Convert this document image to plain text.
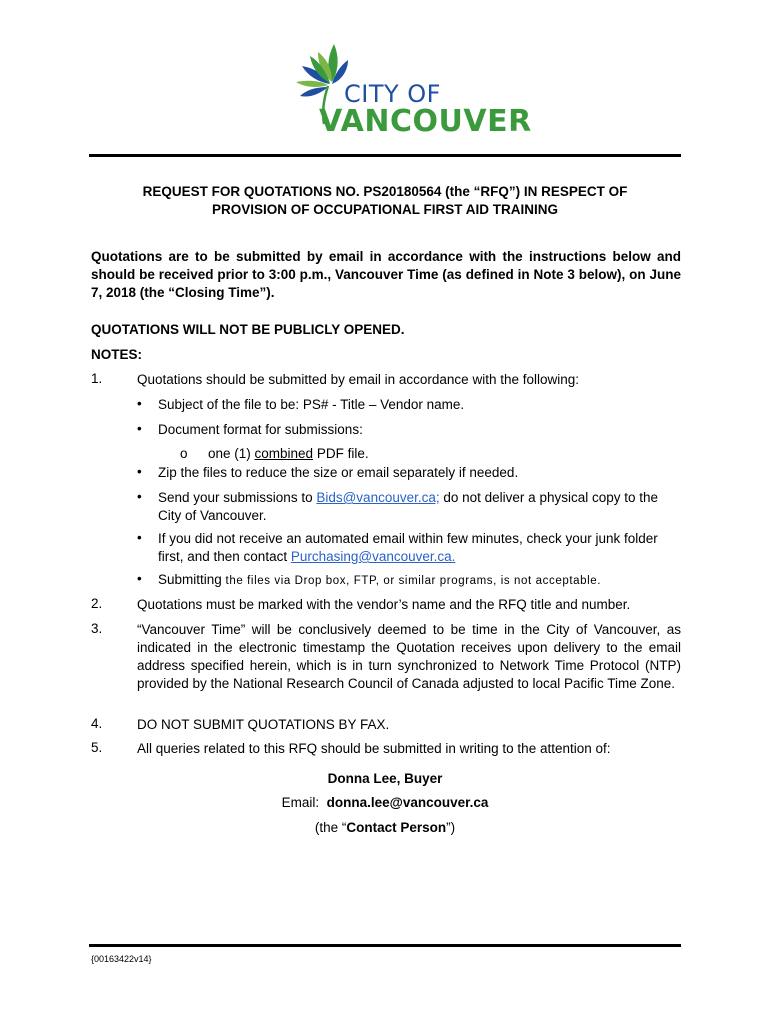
CITY OF
VANCOUVER
REQUEST FOR QUOTATIONS NO. PS20180564 (the “RFQ”) IN RESPECT OF
PROVISION OF OCCUPATIONAL FIRST AID TRAINING
Quotations are to be submitted by email in accordance with the instructions below and should be received prior to 3:00 p.m., Vancouver Time (as defined in Note 3 below), on June 7, 2018 (the “Closing Time”).
QUOTATIONS WILL NOT BE PUBLICLY OPENED.
NOTES:
1.	Quotations should be submitted by email in accordance with the following:
• Subject of the file to be: PS# - Title – Vendor name.
• Document format for submissions:
o one (1) combined PDF file.
• Zip the files to reduce the size or email separately if needed.
• Send your submissions to Bids@vancouver.ca; do not deliver a physical copy to the City of Vancouver.
• If you did not receive an automated email within few minutes, check your junk folder first, and then contact Purchasing@vancouver.ca.
• Submitting the files via Drop box, FTP, or similar programs, is not acceptable.
2.	Quotations must be marked with the vendor’s name and the RFQ title and number.
3.	“Vancouver Time” will be conclusively deemed to be time in the City of Vancouver, as indicated in the electronic timestamp the Quotation receives upon delivery to the email address specified herein, which is in turn synchronized to Network Time Protocol (NTP) provided by the National Research Council of Canada adjusted to local Pacific Time Zone.
4.	DO NOT SUBMIT QUOTATIONS BY FAX.
5.	All queries related to this RFQ should be submitted in writing to the attention of:
Donna Lee, Buyer
Email:  donna.lee@vancouver.ca
(the “Contact Person”)
{00163422v14}
